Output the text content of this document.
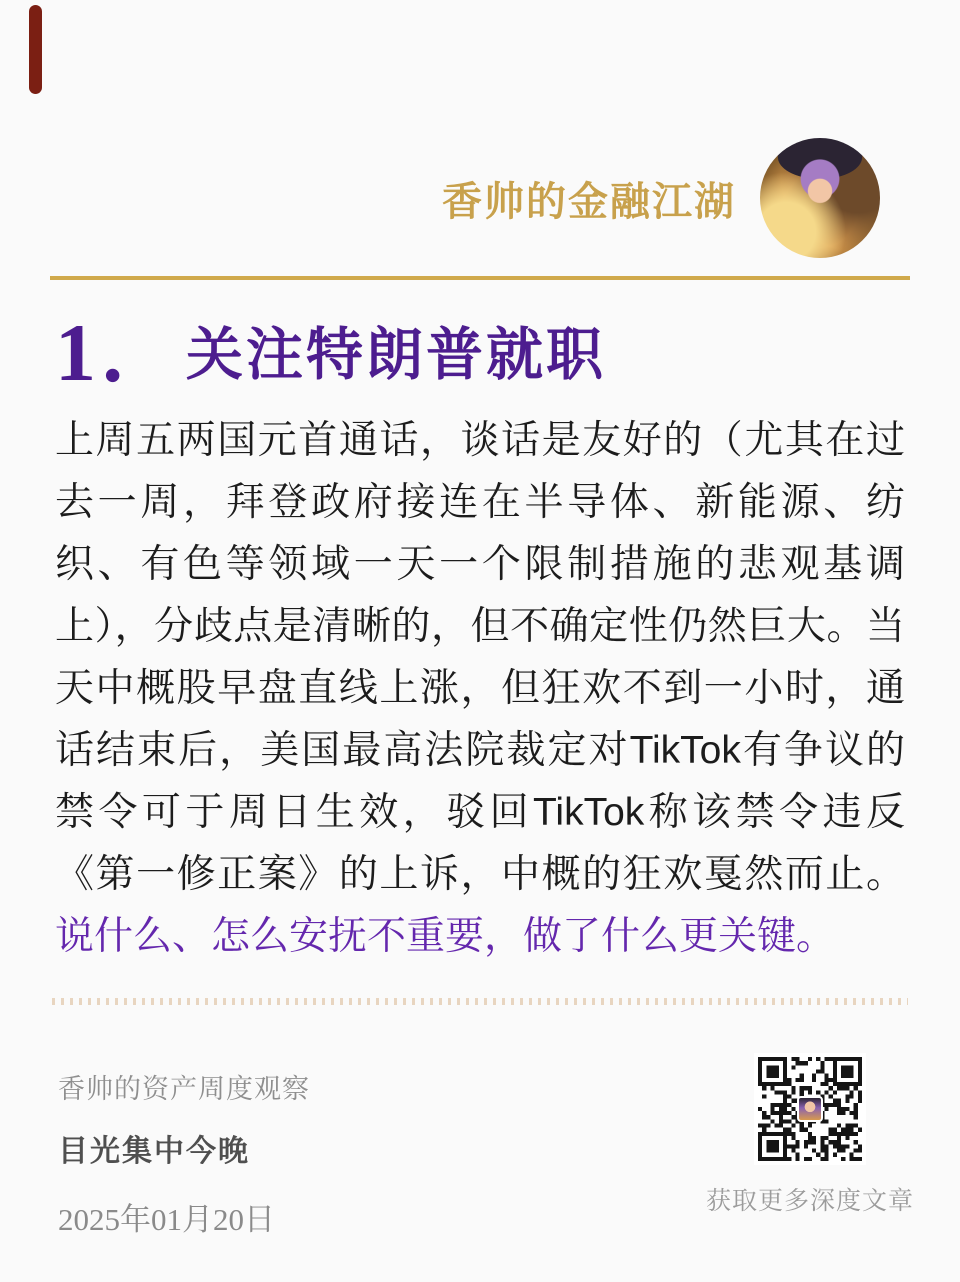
香帅的金融江湖
1．关注特朗普就职

上周五两国元首通话，谈话是友好的（尤其在过去一周，拜登政府接连在半导体、新能源、纺织、有色等领域一天一个限制措施的悲观基调上），分歧点是清晰的，但不确定性仍然巨大。当天中概股早盘直线上涨，但狂欢不到一小时，通话结束后，美国最高法院裁定对TikTok有争议的禁令可于周日生效，驳回TikTok称该禁令违反《第一修正案》的上诉，中概的狂欢戛然而止。说什么、怎么安抚不重要，做了什么更关键。

香帅的资产周度观察
目光集中今晚
2025年01月20日
获取更多深度文章
